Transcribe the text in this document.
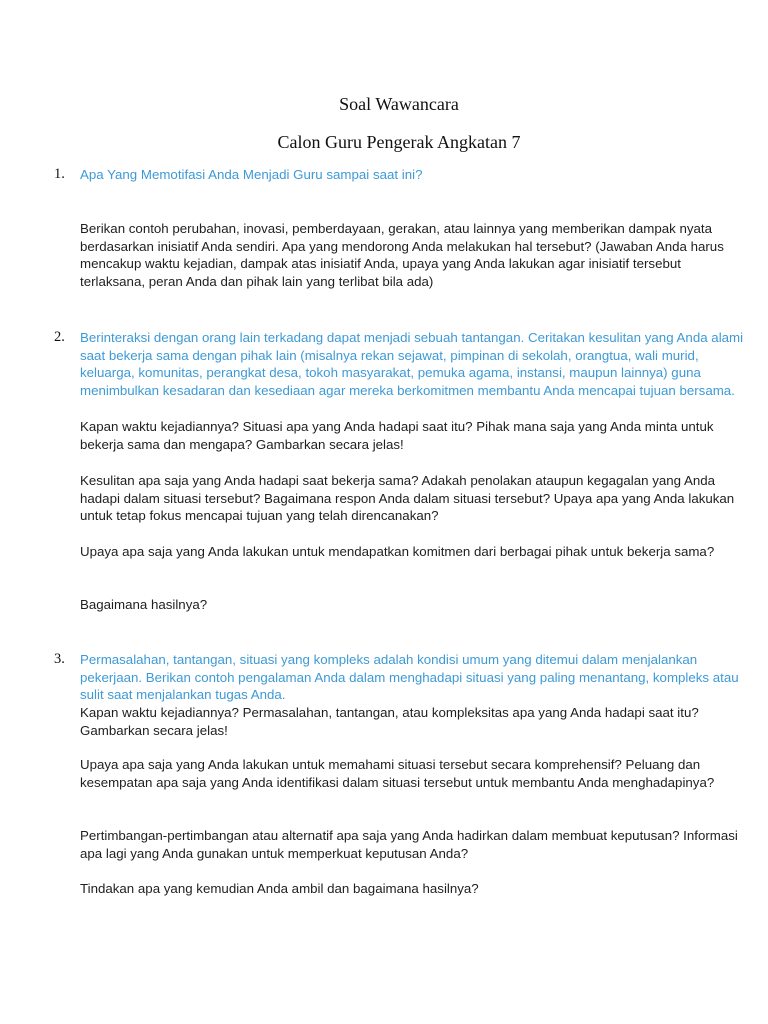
Soal Wawancara
Calon Guru Pengerak Angkatan 7
1. Apa Yang Memotifasi Anda Menjadi Guru sampai saat ini?

Berikan contoh perubahan, inovasi, pemberdayaan, gerakan, atau lainnya yang memberikan dampak nyata berdasarkan inisiatif Anda sendiri. Apa yang mendorong Anda melakukan hal tersebut? (Jawaban Anda harus mencakup waktu kejadian, dampak atas inisiatif Anda, upaya yang Anda lakukan agar inisiatif tersebut terlaksana, peran Anda dan pihak lain yang terlibat bila ada)

2. Berinteraksi dengan orang lain terkadang dapat menjadi sebuah tantangan. Ceritakan kesulitan yang Anda alami saat bekerja sama dengan pihak lain (misalnya rekan sejawat, pimpinan di sekolah, orangtua, wali murid, keluarga, komunitas, perangkat desa, tokoh masyarakat, pemuka agama, instansi, maupun lainnya) guna menimbulkan kesadaran dan kesediaan agar mereka berkomitmen membantu Anda mencapai tujuan bersama.

Kapan waktu kejadiannya? Situasi apa yang Anda hadapi saat itu? Pihak mana saja yang Anda minta untuk bekerja sama dan mengapa? Gambarkan secara jelas!

Kesulitan apa saja yang Anda hadapi saat bekerja sama? Adakah penolakan ataupun kegagalan yang Anda hadapi dalam situasi tersebut? Bagaimana respon Anda dalam situasi tersebut? Upaya apa yang Anda lakukan untuk tetap fokus mencapai tujuan yang telah direncanakan?

Upaya apa saja yang Anda lakukan untuk mendapatkan komitmen dari berbagai pihak untuk bekerja sama?

Bagaimana hasilnya?

3. Permasalahan, tantangan, situasi yang kompleks adalah kondisi umum yang ditemui dalam menjalankan pekerjaan. Berikan contoh pengalaman Anda dalam menghadapi situasi yang paling menantang, kompleks atau sulit saat menjalankan tugas Anda.

Kapan waktu kejadiannya? Permasalahan, tantangan, atau kompleksitas apa yang Anda hadapi saat itu? Gambarkan secara jelas!

Upaya apa saja yang Anda lakukan untuk memahami situasi tersebut secara komprehensif? Peluang dan kesempatan apa saja yang Anda identifikasi dalam situasi tersebut untuk membantu Anda menghadapinya?

Pertimbangan-pertimbangan atau alternatif apa saja yang Anda hadirkan dalam membuat keputusan? Informasi apa lagi yang Anda gunakan untuk memperkuat keputusan Anda?

Tindakan apa yang kemudian Anda ambil dan bagaimana hasilnya?
